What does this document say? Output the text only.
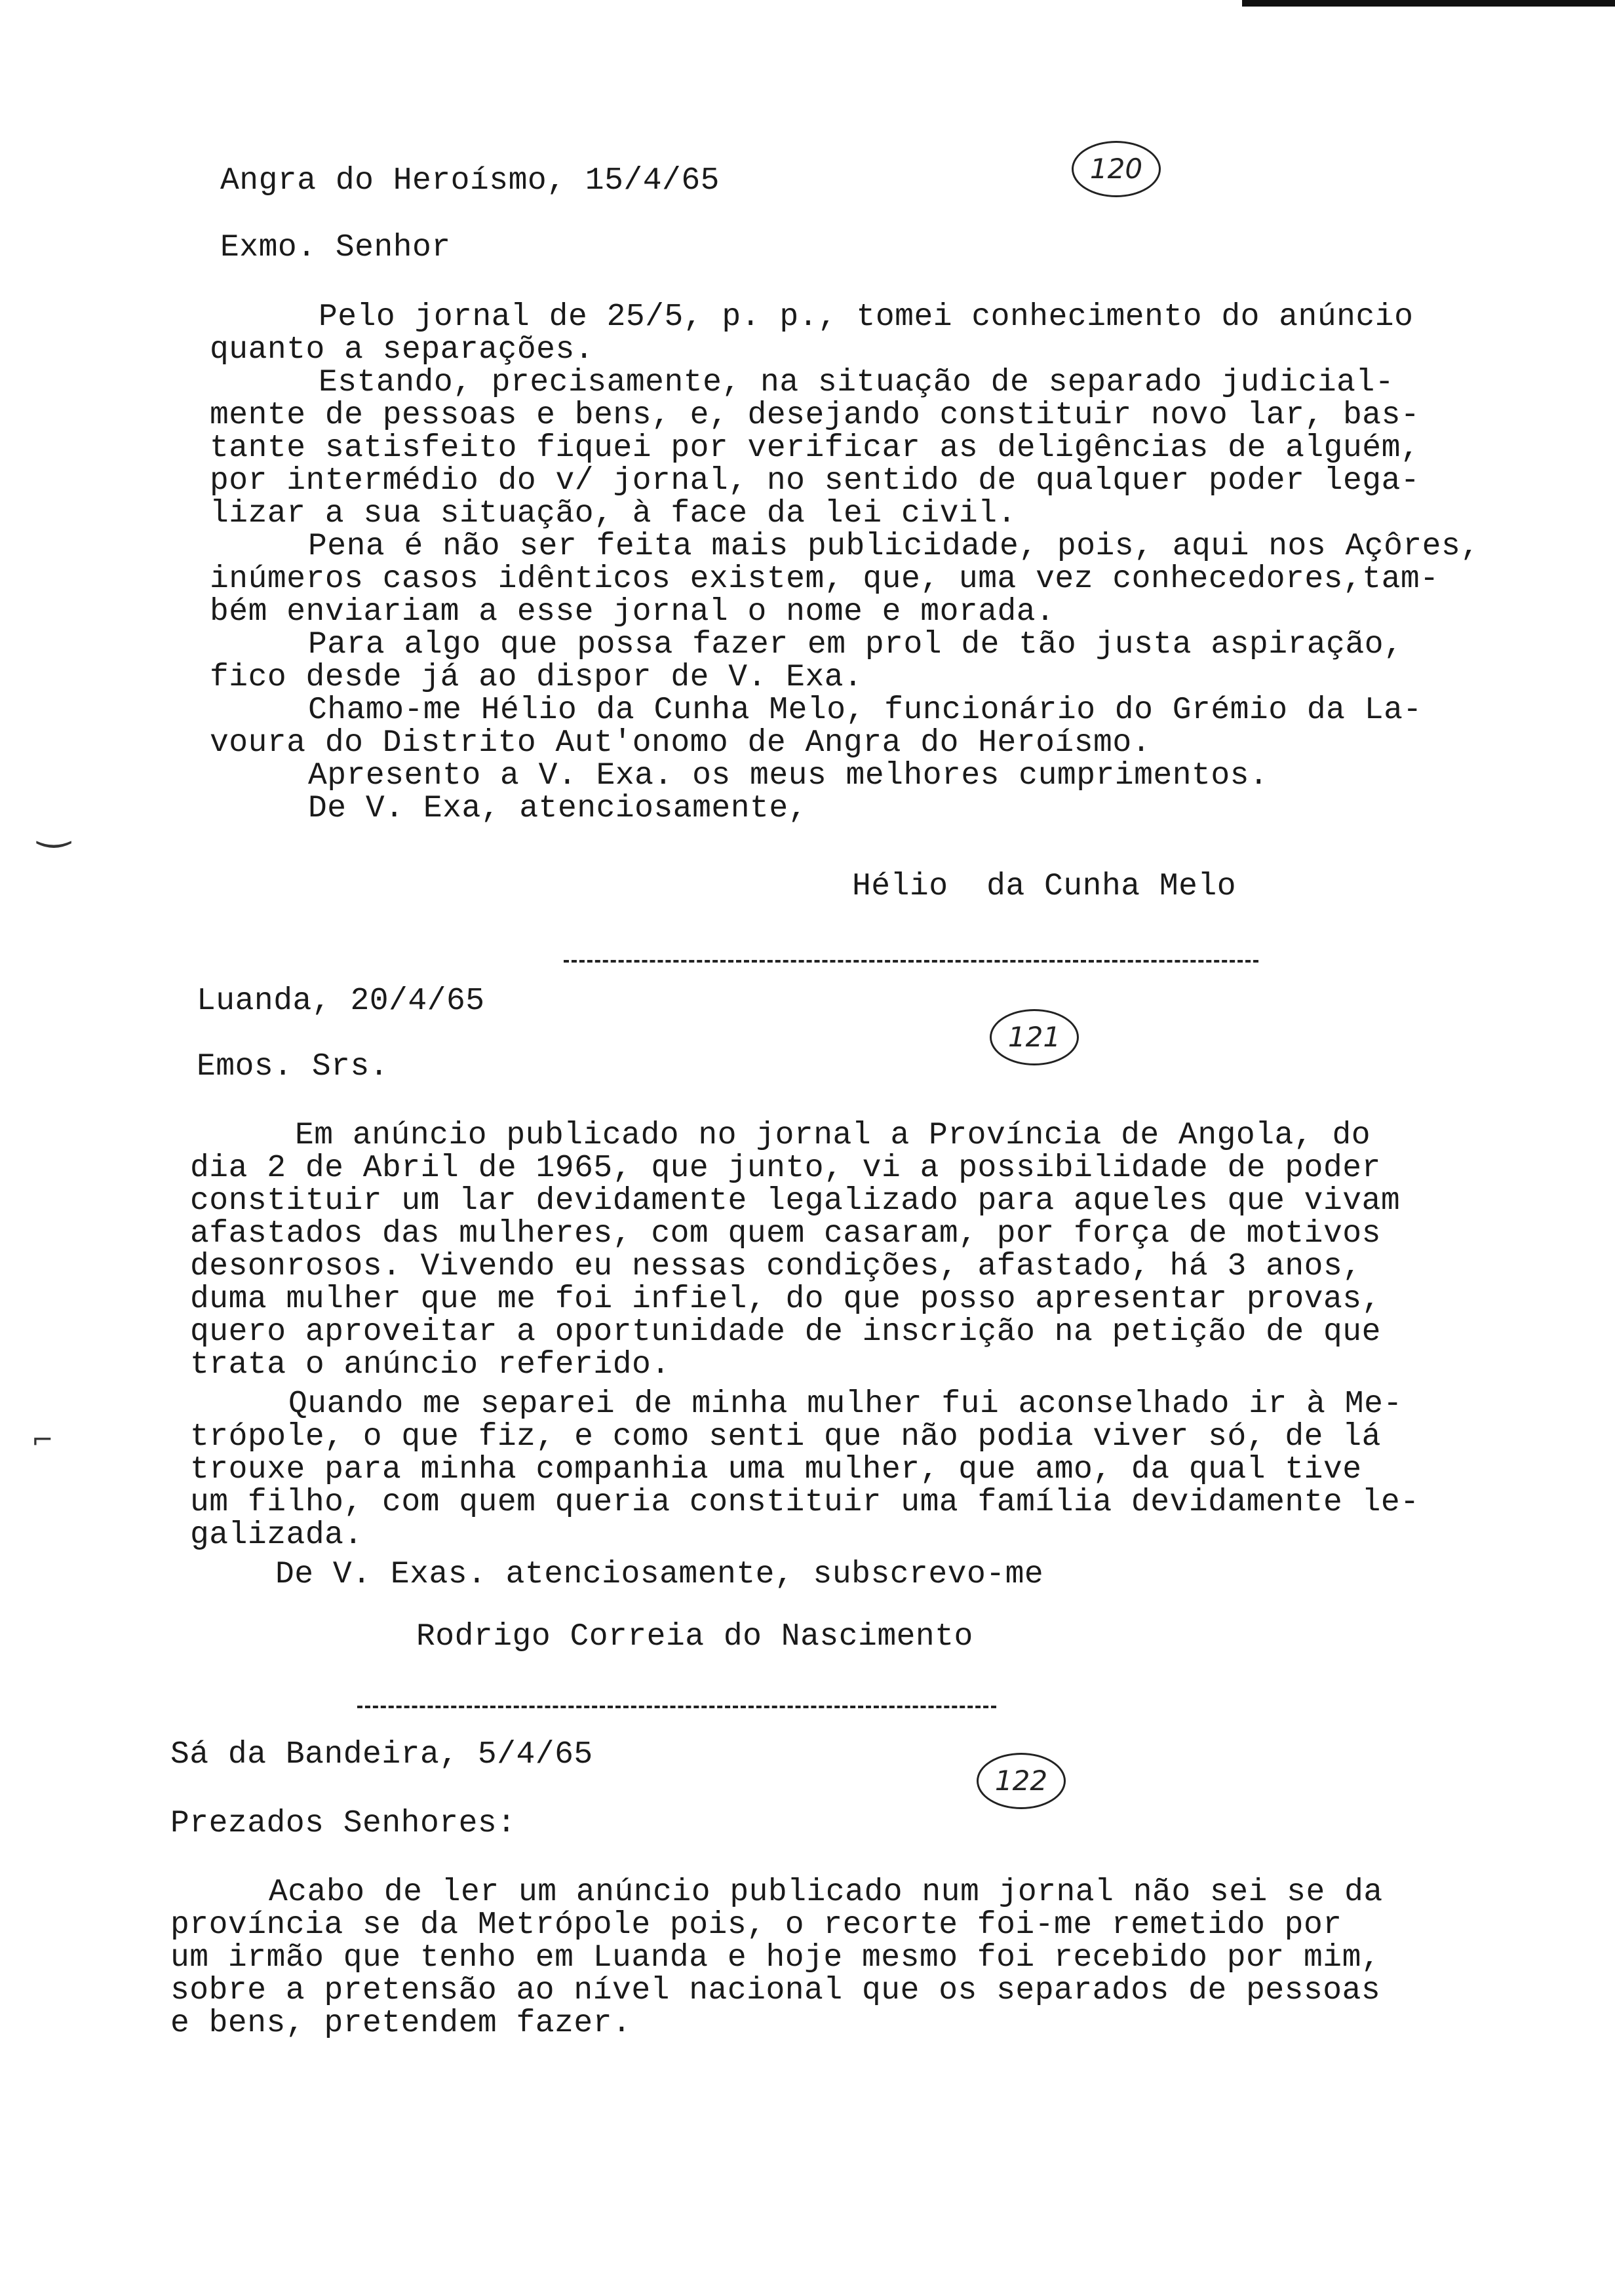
Angra do Heroísmo, 15/4/65	120
Exmo. Senhor
Pelo jornal de 25/5, p. p., tomei conhecimento do anúncio
quanto a separações.
Estando, precisamente, na situação de separado judicial-
mente de pessoas e bens, e, desejando constituir novo lar, bas-
tante satisfeito fiquei por verificar as deligências de alguém,
por intermédio do v/ jornal, no sentido de qualquer poder lega-
lizar a sua situação, à face da lei civil.
Pena é não ser feita mais publicidade, pois, aqui nos Açôres,
inúmeros casos idênticos existem, que, uma vez conhecedores,tam-
bém enviariam a esse jornal o nome e morada.
Para algo que possa fazer em prol de tão justa aspiração,
fico desde já ao dispor de V. Exa.
Chamo-me Hélio da Cunha Melo, funcionário do Grémio da La-
voura do Distrito Aut'onomo de Angra do Heroísmo.
Apresento a V. Exa. os meus melhores cumprimentos.
De V. Exa, atenciosamente,
Hélio  da Cunha Melo
‿
Luanda, 20/4/65
121
Emos. Srs.
Em anúncio publicado no jornal a Província de Angola, do
dia 2 de Abril de 1965, que junto, vi a possibilidade de poder
constituir um lar devidamente legalizado para aqueles que vivam
afastados das mulheres, com quem casaram, por força de motivos
desonrosos. Vivendo eu nessas condições, afastado, há 3 anos,
duma mulher que me foi infiel, do que posso apresentar provas,
quero aproveitar a oportunidade de inscrição na petição de que
trata o anúncio referido.
Quando me separei de minha mulher fui aconselhado ir à Me-
trópole, o que fiz, e como senti que não podia viver só, de lá
trouxe para minha companhia uma mulher, que amo, da qual tive
um filho, com quem queria constituir uma família devidamente le-
galizada.
De V. Exas. atenciosamente, subscrevo-me
Rodrigo Correia do Nascimento
⌐
Sá da Bandeira, 5/4/65
122
Prezados Senhores:
Acabo de ler um anúncio publicado num jornal não sei se da
província se da Metrópole pois, o recorte foi-me remetido por
um irmão que tenho em Luanda e hoje mesmo foi recebido por mim,
sobre a pretensão ao nível nacional que os separados de pessoas
e bens, pretendem fazer.
